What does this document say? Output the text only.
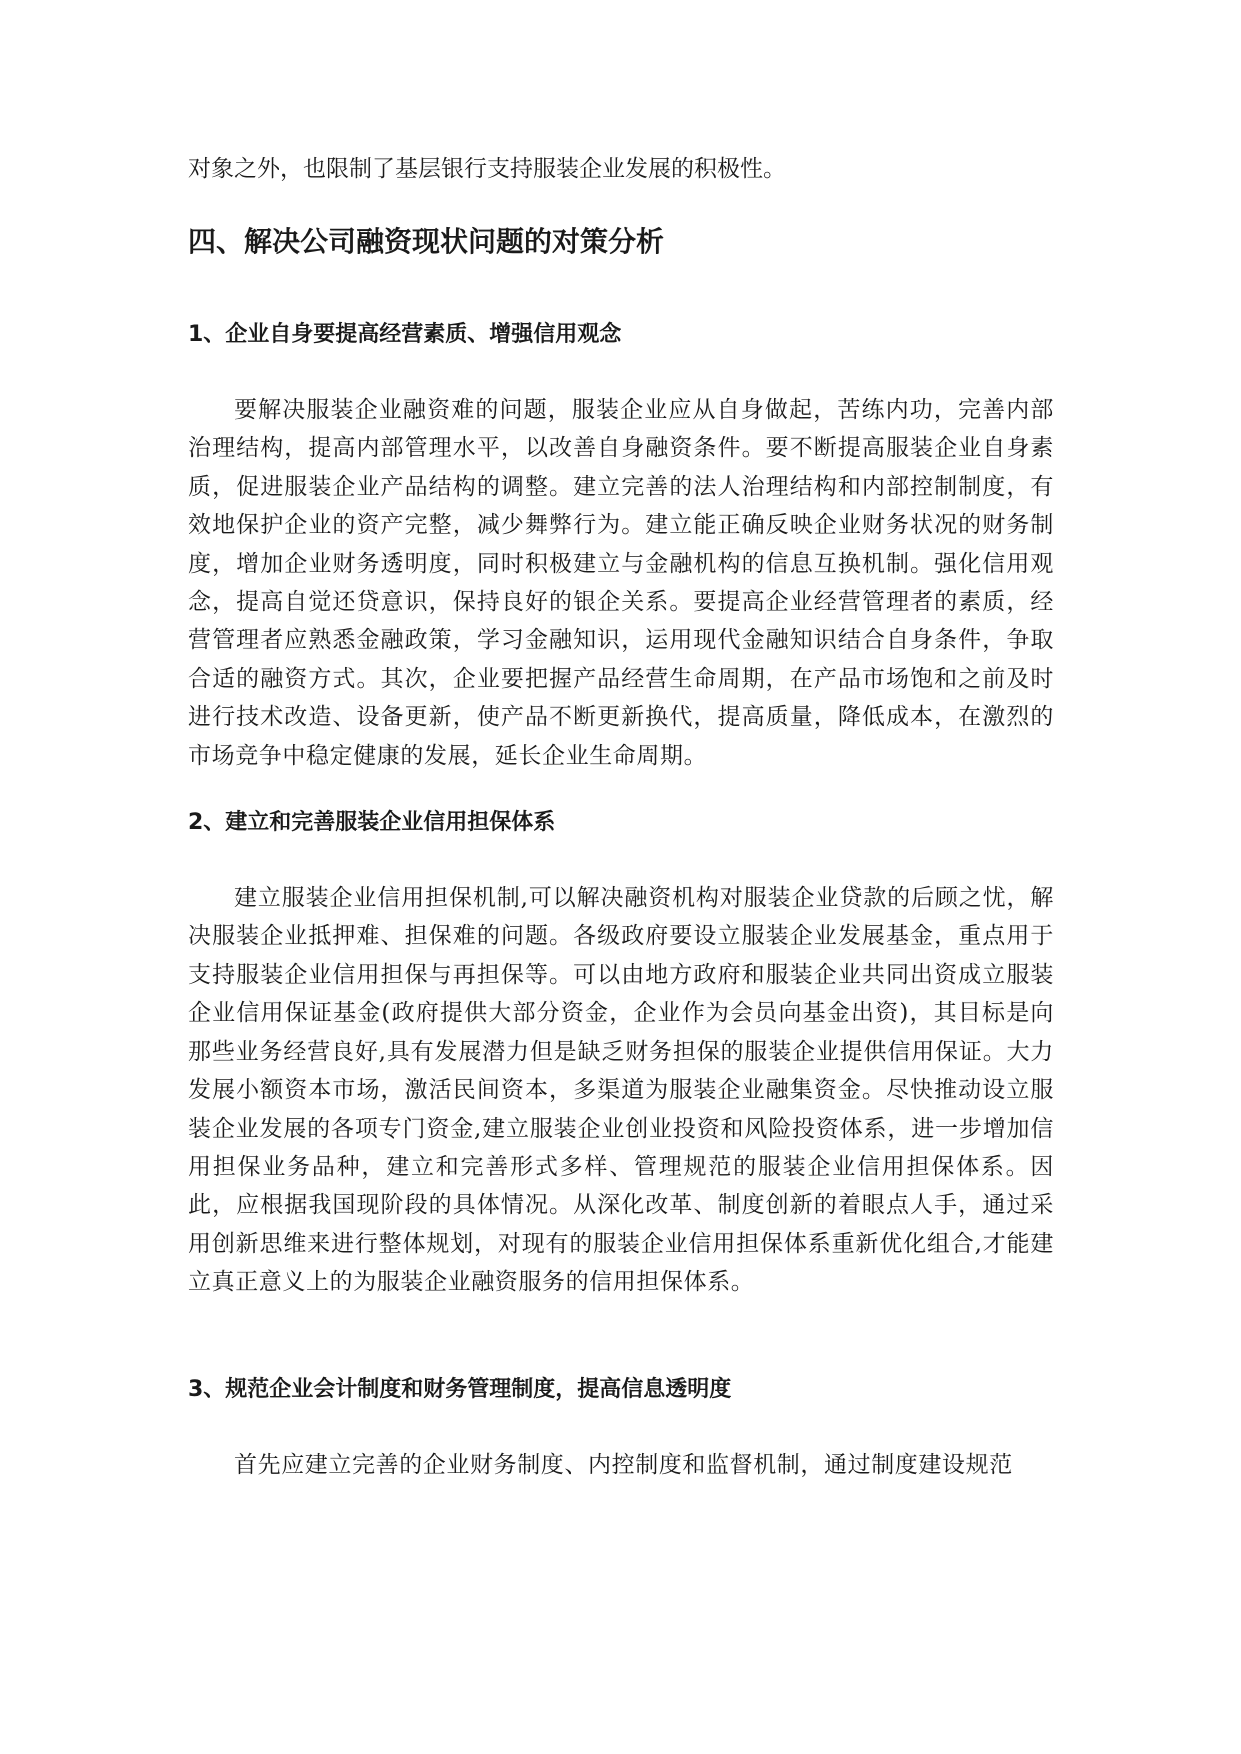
对象之外，也限制了基层银行支持服装企业发展的积极性。

四、解决公司融资现状问题的对策分析
1、企业自身要提高经营素质、增强信用观念

要解决服装企业融资难的问题，服装企业应从自身做起，苦练内功，完善内部治理结构，提高内部管理水平，以改善自身融资条件。要不断提高服装企业自身素质，促进服装企业产品结构的调整。建立完善的法人治理结构和内部控制制度，有效地保护企业的资产完整，减少舞弊行为。建立能正确反映企业财务状况的财务制度，增加企业财务透明度，同时积极建立与金融机构的信息互换机制。强化信用观念，提高自觉还贷意识，保持良好的银企关系。要提高企业经营管理者的素质，经营管理者应熟悉金融政策，学习金融知识，运用现代金融知识结合自身条件，争取合适的融资方式。其次，企业要把握产品经营生命周期，在产品市场饱和之前及时进行技术改造、设备更新，使产品不断更新换代，提高质量，降低成本，在激烈的市场竞争中稳定健康的发展，延长企业生命周期。

2、建立和完善服装企业信用担保体系

建立服装企业信用担保机制,可以解决融资机构对服装企业贷款的后顾之忧，解决服装企业抵押难、担保难的问题。各级政府要设立服装企业发展基金，重点用于支持服装企业信用担保与再担保等。可以由地方政府和服装企业共同出资成立服装企业信用保证基金(政府提供大部分资金，企业作为会员向基金出资)，其目标是向那些业务经营良好,具有发展潜力但是缺乏财务担保的服装企业提供信用保证。大力发展小额资本市场，激活民间资本，多渠道为服装企业融集资金。尽快推动设立服装企业发展的各项专门资金,建立服装企业创业投资和风险投资体系，进一步增加信用担保业务品种，建立和完善形式多样、管理规范的服装企业信用担保体系。因此，应根据我国现阶段的具体情况。从深化改革、制度创新的着眼点人手，通过采用创新思维来进行整体规划，对现有的服装企业信用担保体系重新优化组合,才能建立真正意义上的为服装企业融资服务的信用担保体系。

3、规范企业会计制度和财务管理制度，提高信息透明度

首先应建立完善的企业财务制度、内控制度和监督机制，通过制度建设规范
